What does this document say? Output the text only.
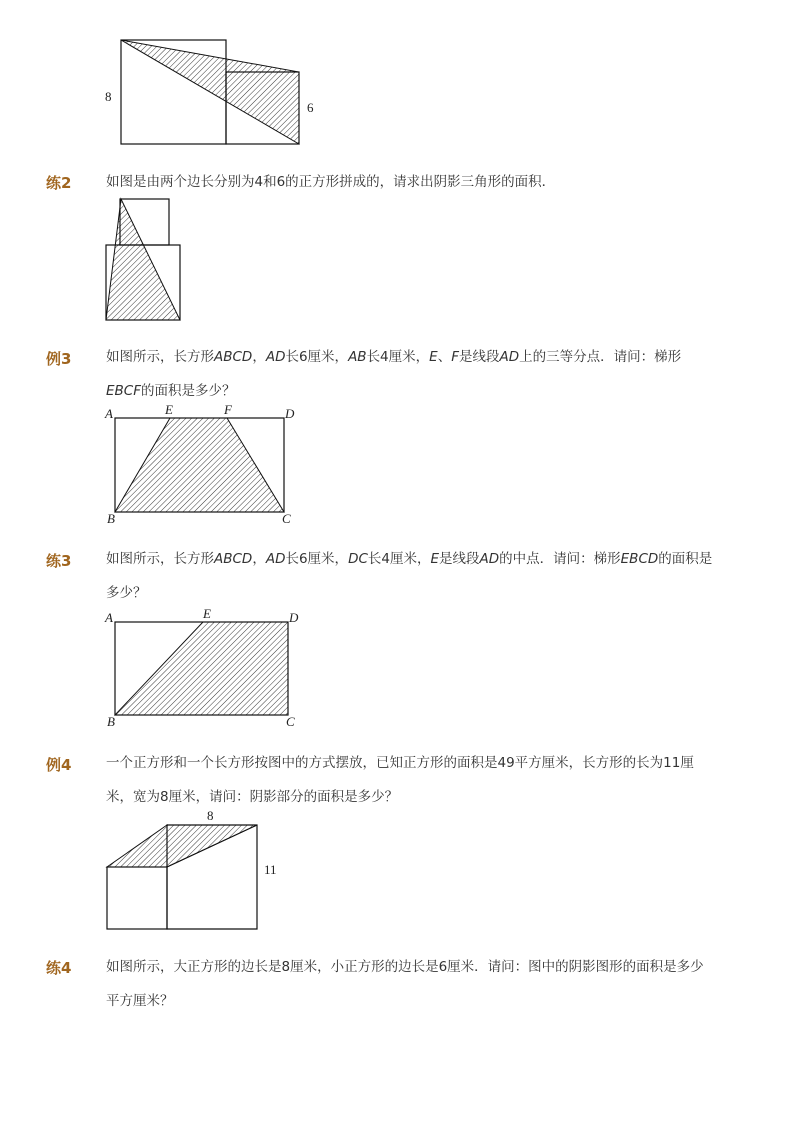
8
6
练2	如图是由两个边长分别为4和6的正方形拼成的，请求出阴影三角形的面积．
例3	如图所示，长方形ABCD，AD长6厘米，AB长4厘米，E、F是线段AD上的三等分点．请问：梯形EBCF的面积是多少？
A	E	F	D
B	C
练3	如图所示，长方形ABCD，AD长6厘米，DC长4厘米，E是线段AD的中点．请问：梯形EBCD的面积是多少？
A	E	D
B	C
例4	一个正方形和一个长方形按图中的方式摆放，已知正方形的面积是49平方厘米，长方形的长为11厘米，宽为8厘米，请问：阴影部分的面积是多少？
8
11
练4	如图所示，大正方形的边长是8厘米，小正方形的边长是6厘米．请问：图中的阴影图形的面积是多少平方厘米？
